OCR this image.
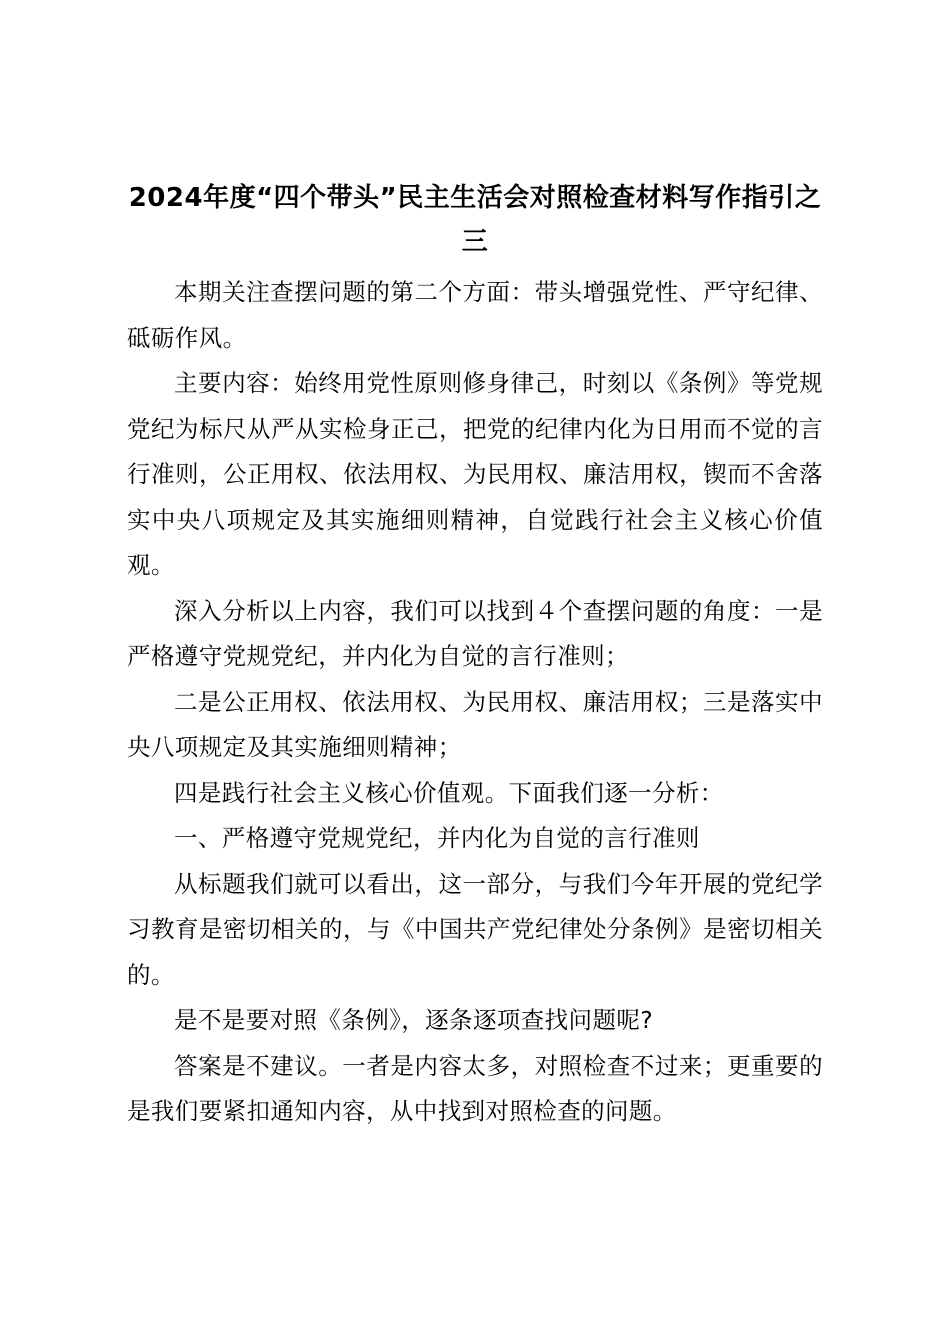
2024年度“四个带头”民主生活会对照检查材料写作指引之三

本期关注查摆问题的第二个方面：带头增强党性、严守纪律、砥砺作风。

主要内容：始终用党性原则修身律己，时刻以《条例》等党规党纪为标尺从严从实检身正己，把党的纪律内化为日用而不觉的言行准则，公正用权、依法用权、为民用权、廉洁用权，锲而不舍落实中央八项规定及其实施细则精神，自觉践行社会主义核心价值观。

深入分析以上内容，我们可以找到４个查摆问题的角度：一是严格遵守党规党纪，并内化为自觉的言行准则；

二是公正用权、依法用权、为民用权、廉洁用权；三是落实中央八项规定及其实施细则精神；

四是践行社会主义核心价值观。下面我们逐一分析：

一、严格遵守党规党纪，并内化为自觉的言行准则

从标题我们就可以看出，这一部分，与我们今年开展的党纪学习教育是密切相关的，与《中国共产党纪律处分条例》是密切相关的。

是不是要对照《条例》，逐条逐项查找问题呢?

答案是不建议。一者是内容太多，对照检查不过来；更重要的是我们要紧扣通知内容，从中找到对照检查的问题。
